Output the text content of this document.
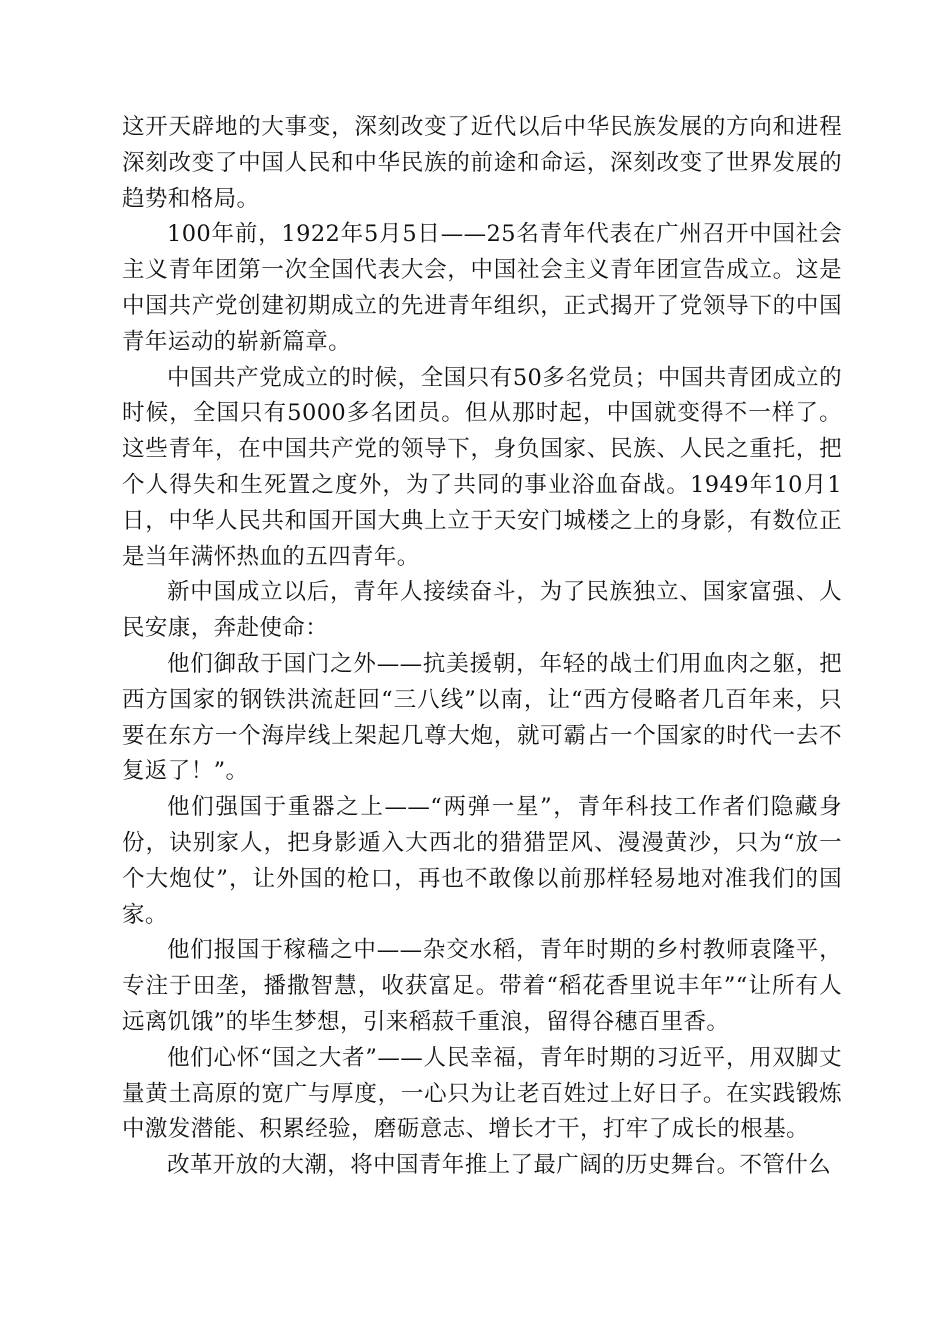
这开天辟地的大事变，深刻改变了近代以后中华民族发展的方向和进程深刻改变了中国人民和中华民族的前途和命运，深刻改变了世界发展的趋势和格局。

100年前，1922年5月5日——25名青年代表在广州召开中国社会主义青年团第一次全国代表大会，中国社会主义青年团宣告成立。这是中国共产党创建初期成立的先进青年组织，正式揭开了党领导下的中国青年运动的崭新篇章。

中国共产党成立的时候，全国只有50多名党员；中国共青团成立的时候，全国只有5000多名团员。但从那时起，中国就变得不一样了。这些青年，在中国共产党的领导下，身负国家、民族、人民之重托，把个人得失和生死置之度外，为了共同的事业浴血奋战。1949年10月1日，中华人民共和国开国大典上立于天安门城楼之上的身影，有数位正是当年满怀热血的五四青年。

新中国成立以后，青年人接续奋斗，为了民族独立、国家富强、人民安康，奔赴使命：

他们御敌于国门之外——抗美援朝，年轻的战士们用血肉之躯，把西方国家的钢铁洪流赶回“三八线”以南，让“西方侵略者几百年来，只要在东方一个海岸线上架起几尊大炮，就可霸占一个国家的时代一去不复返了！”。

他们强国于重器之上——“两弹一星”，青年科技工作者们隐藏身份，诀别家人，把身影遁入大西北的猎猎罡风、漫漫黄沙，只为“放一个大炮仗”，让外国的枪口，再也不敢像以前那样轻易地对准我们的国家。

他们报国于稼穑之中——杂交水稻，青年时期的乡村教师袁隆平，专注于田垄，播撒智慧，收获富足。带着“稻花香里说丰年”“让所有人远离饥饿”的毕生梦想，引来稻菽千重浪，留得谷穗百里香。

他们心怀“国之大者”——人民幸福，青年时期的习近平，用双脚丈量黄土高原的宽广与厚度，一心只为让老百姓过上好日子。在实践锻炼中激发潜能、积累经验，磨砺意志、增长才干，打牢了成长的根基。

改革开放的大潮，将中国青年推上了最广阔的历史舞台。不管什么
